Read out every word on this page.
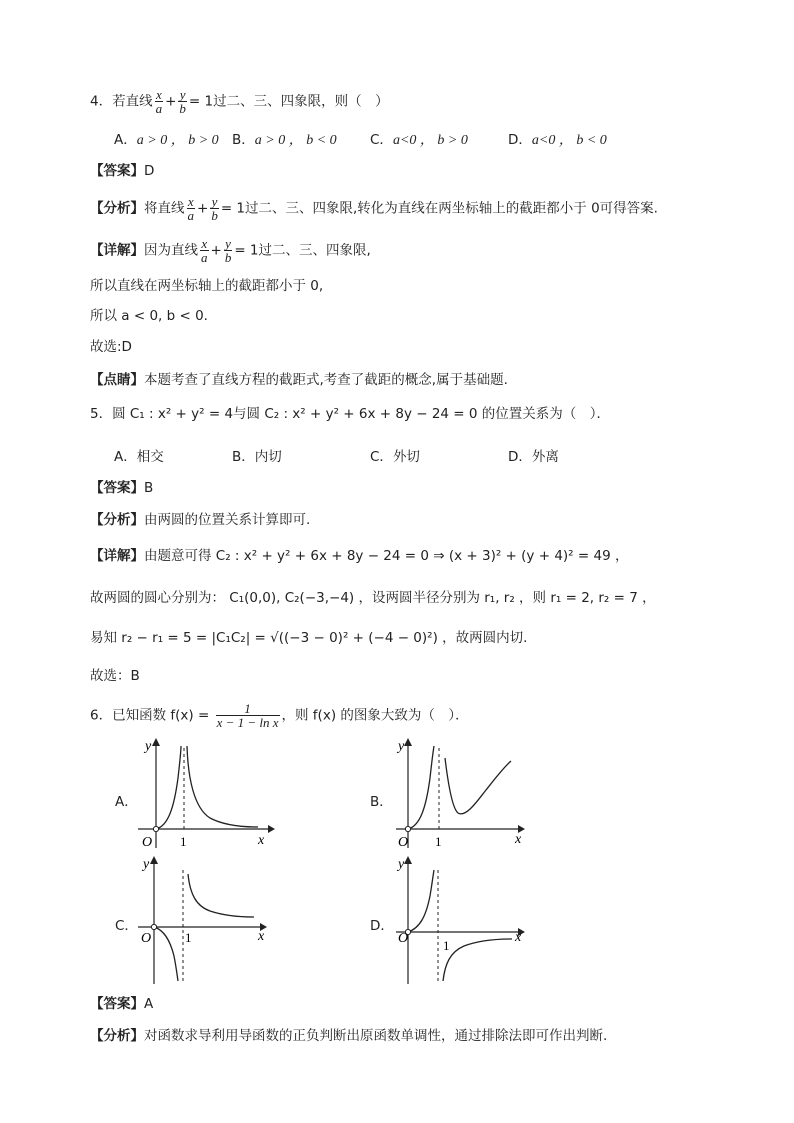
4．若直线 $\frac{x}{a} + \frac{y}{b} = 1$过二、三、四象限，则（　）
A．a > 0 ， b > 0 B．a > 0 ， b < 0 C．a<0 ， b > 0	D．a<0 ， b < 0
【答案】D
【分析】将直线 $\frac{x}{a} + \frac{y}{b} = 1$过二、三、四象限,转化为直线在两坐标轴上的截距都小于 0可得答案.
【详解】因为直线 $\frac{x}{a} + \frac{y}{b} = 1$过二、三、四象限,
所以直线在两坐标轴上的截距都小于 0,
所以 a < 0, b < 0.
故选:D
【点睛】本题考查了直线方程的截距式,考查了截距的概念,属于基础题.
5．圆 C₁ : x² + y² = 4与圆 C₂ : x² + y² + 6x + 8y − 24 = 0 的位置关系为（　）．
A．相交	B．内切	C．外切	D．外离
【答案】B
【分析】由两圆的位置关系计算即可.
【详解】由题意可得 C₂ : x² + y² + 6x + 8y − 24 = 0 ⇒ (x + 3)² + (y + 4)² = 49 ，
故两圆的圆心分别为： C₁(0,0), C₂(−3,−4) ，设两圆半径分别为 r₁, r₂ ，则 r₁ = 2, r₂ = 7 ，
易知 r₂ − r₁ = 5 = |C₁C₂| = √((−3 − 0)² + (−4 − 0)²) ，故两圆内切.
故选：B
6．已知函数 $f(x) = \frac{1}{\text{x − 1 − ln x}}$ ，则 f(x) 的图象大致为（　）．
A．
y
x
O 1
B．
y
x
O 1
C．
y
x
O	1
D．
y
x
O	1
【答案】A
【分析】对函数求导利用导函数的正负判断出原函数单调性，通过排除法即可作出判断.
